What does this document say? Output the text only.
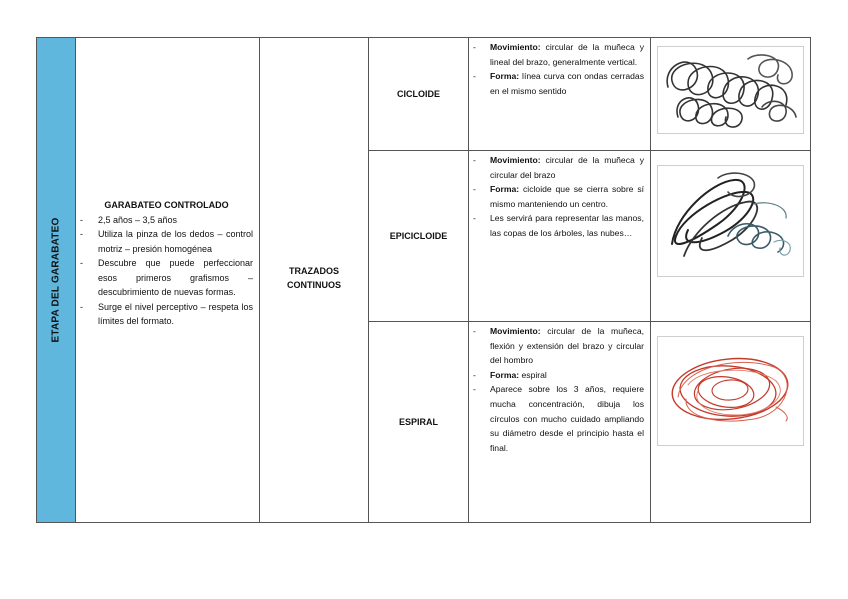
ETAPA DEL GARABATEO
GARABATEO CONTROLADO
- 2,5 años – 3,5 años
- Utiliza la pinza de los dedos – control motriz – presión homogénea
- Descubre que puede perfeccionar esos primeros grafismos – descubrimiento de nuevas formas.
- Surge el nivel perceptivo – respeta los límites del formato.
TRAZADOS
CONTINUOS
CICLOIDE
- Movimiento: circular de la muñeca y lineal del brazo, generalmente vertical.
- Forma: línea curva con ondas cerradas en el mismo sentido
EPICICLOIDE
- Movimiento: circular de la muñeca y circular del brazo
- Forma: cicloide que se cierra sobre sí mismo manteniendo un centro.
- Les servirá para representar las manos, las copas de los árboles, las nubes…
ESPIRAL
- Movimiento: circular de la muñeca, flexión y extensión del brazo y circular del hombro
- Forma: espiral
- Aparece sobre los 3 años, requiere mucha concentración, dibuja los círculos con mucho cuidado ampliando su diámetro desde el principio hasta el final.
